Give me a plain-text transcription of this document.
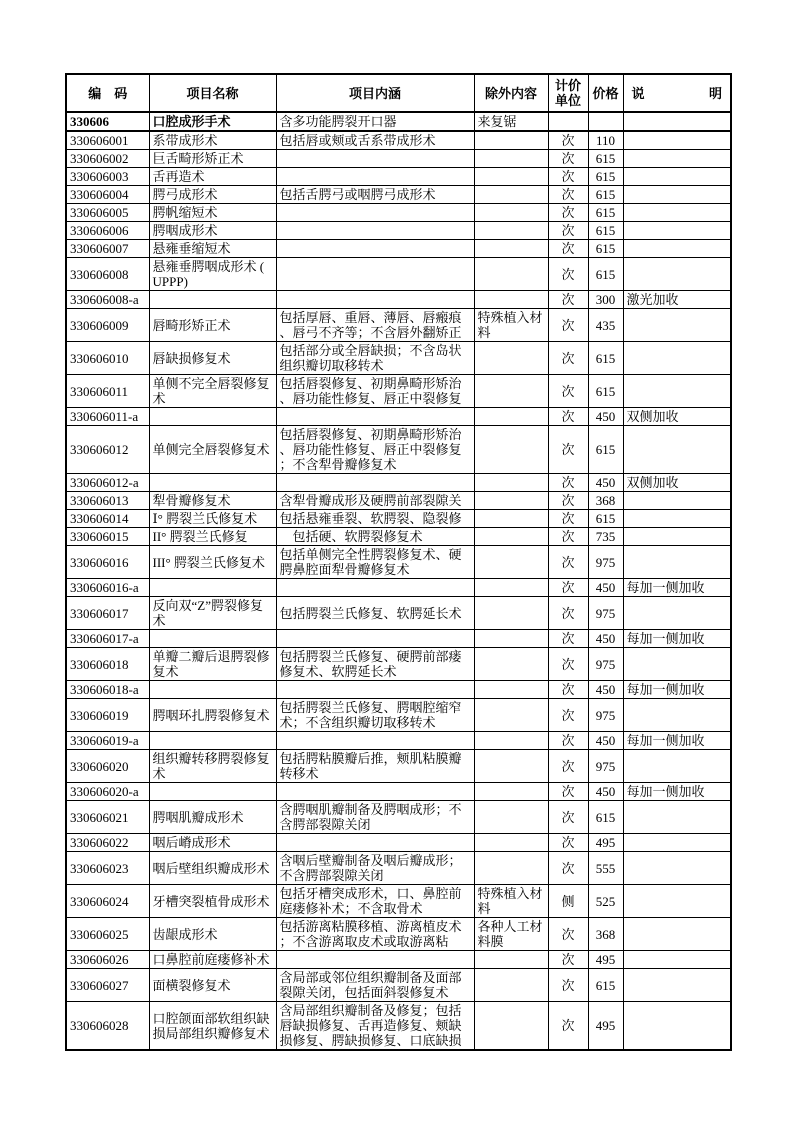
编　码	项目名称	项目内涵	除外内容	计价单位	价格	说 明
330606	口腔成形手术	含多功能腭裂开口器	来复锯			
330606001	系带成形术	包括唇或颊或舌系带成形术		次	110	
330606002	巨舌畸形矫正术			次	615	
330606003	舌再造术			次	615	
330606004	腭弓成形术	包括舌腭弓或咽腭弓成形术		次	615	
330606005	腭帆缩短术			次	615	
330606006	腭咽成形术			次	615	
330606007	悬雍垂缩短术			次	615	
330606008	悬雍垂腭咽成形术 (UPPP)			次	615	
330606008-a				次	300	激光加收
330606009	唇畸形矫正术	包括厚唇、重唇、薄唇、唇瘢痕、唇弓不齐等；不含唇外翻矫正	特殊植入材料	次	435	
330606010	唇缺损修复术	包括部分或全唇缺损；不含岛状组织瓣切取移转术		次	615	
330606011	单侧不完全唇裂修复术	包括唇裂修复、初期鼻畸形矫治、唇功能性修复、唇正中裂修复		次	615	
330606011-a				次	450	双侧加收
330606012	单侧完全唇裂修复术	包括唇裂修复、初期鼻畸形矫治、唇功能性修复、唇正中裂修复；不含犁骨瓣修复术		次	615	
330606012-a				次	450	双侧加收
330606013	犁骨瓣修复术	含犁骨瓣成形及硬腭前部裂隙关		次	368	
330606014	Ⅰ° 腭裂兰氏修复术	包括悬雍垂裂、软腭裂、隐裂修		次	615	
330606015	II° 腭裂兰氏修复	　包括硬、软腭裂修复术		次	735	
330606016	III° 腭裂兰氏修复术	包括单侧完全性腭裂修复术、硬腭鼻腔面犁骨瓣修复术		次	975	
330606016-a				次	450	每加一侧加收
330606017	反向双“Z”腭裂修复术	包括腭裂兰氏修复、软腭延长术		次	975	
330606017-a				次	450	每加一侧加收
330606018	单瓣二瓣后退腭裂修复术	包括腭裂兰氏修复、硬腭前部瘘修复术、软腭延长术		次	975	
330606018-a				次	450	每加一侧加收
330606019	腭咽环扎腭裂修复术	包括腭裂兰氏修复、腭咽腔缩窄术；不含组织瓣切取移转术		次	975	
330606019-a				次	450	每加一侧加收
330606020	组织瓣转移腭裂修复术	包括腭粘膜瓣后推，颊肌粘膜瓣转移术		次	975	
330606020-a				次	450	每加一侧加收
330606021	腭咽肌瓣成形术	含腭咽肌瓣制备及腭咽成形；不含腭部裂隙关闭		次	615	
330606022	咽后嵴成形术			次	495	
330606023	咽后壁组织瓣成形术	含咽后壁瓣制备及咽后瓣成形；不含腭部裂隙关闭		次	555	
330606024	牙槽突裂植骨成形术	包括牙槽突成形术，口、鼻腔前庭瘘修补术；不含取骨术	特殊植入材料	侧	525	
330606025	齿龈成形术	包括游离粘膜移植、游离植皮术；不含游离取皮术或取游离粘	各种人工材料膜	次	368	
330606026	口鼻腔前庭瘘修补术			次	495	
330606027	面横裂修复术	含局部或邻位组织瓣制备及面部裂隙关闭，包括面斜裂修复术		次	615	
330606028	口腔颌面部软组织缺损局部组织瓣修复术	含局部组织瓣制备及修复；包括唇缺损修复、舌再造修复、颊缺损修复、腭缺损修复、口底缺损		次	495	
